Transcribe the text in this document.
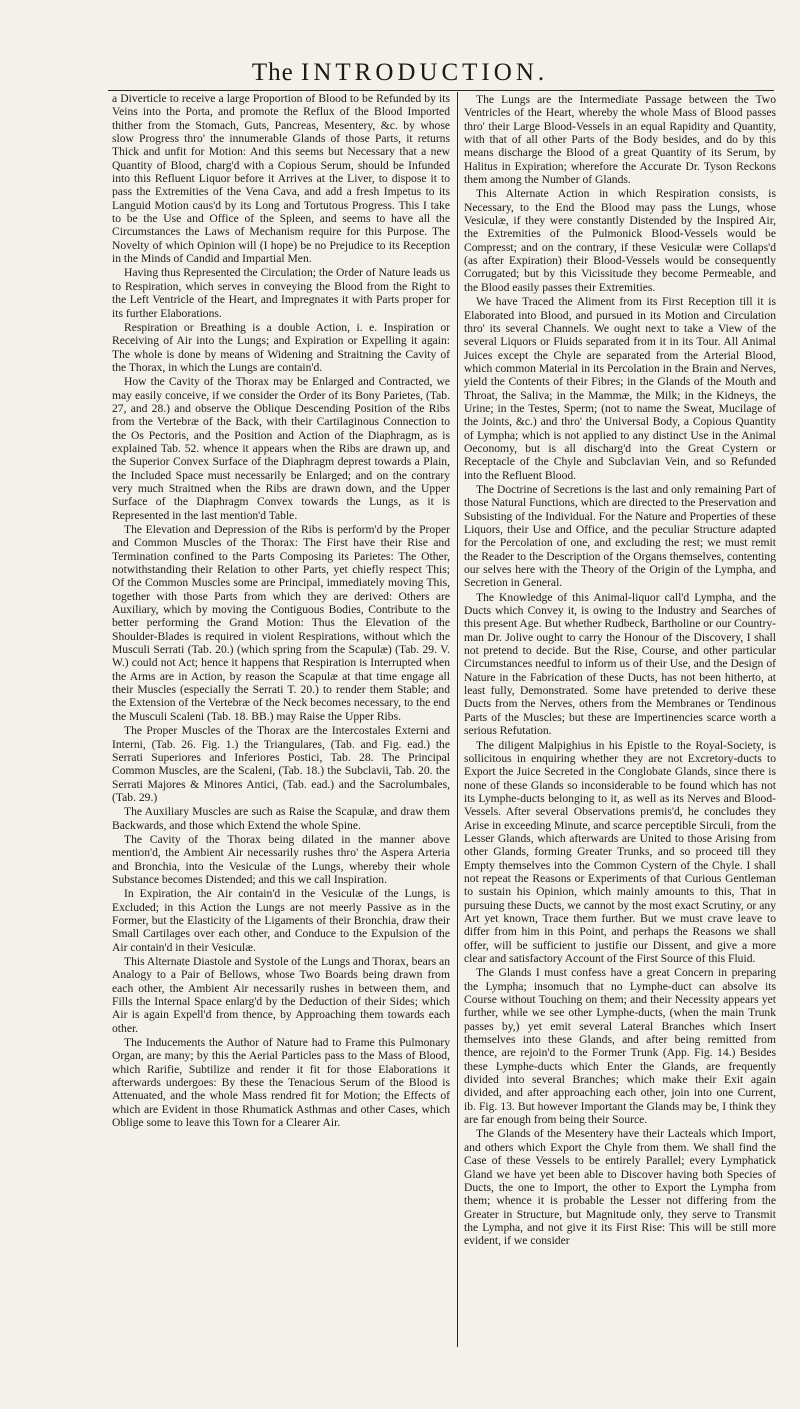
The INTRODUCTION.

a Diverticle to receive a large Proportion of Blood to be Refunded by its Veins into the Porta, and promote the Reflux of the Blood Imported thither from the Stomach, Guts, Pancreas, Mesentery, &c. by whose slow Progress thro' the innumerable Glands of those Parts, it returns Thick and unfit for Motion: And this seems but Necessary that a new Quantity of Blood, charg'd with a Copious Serum, should be Infunded into this Refluent Liquor before it Arrives at the Liver, to dispose it to pass the Extremities of the Vena Cava, and add a fresh Impetus to its Languid Motion caus'd by its Long and Tortutous Progress. This I take to be the Use and Office of the Spleen, and seems to have all the Circumstances the Laws of Mechanism require for this Purpose. The Novelty of which Opinion will (I hope) be no Prejudice to its Reception in the Minds of Candid and Impartial Men.

Having thus Represented the Circulation; the Order of Nature leads us to Respiration, which serves in conveying the Blood from the Right to the Left Ventricle of the Heart, and Impregnates it with Parts proper for its further Elaborations.

Respiration or Breathing is a double Action, i. e. Inspiration or Receiving of Air into the Lungs; and Expiration or Expelling it again: The whole is done by means of Widening and Straitning the Cavity of the Thorax, in which the Lungs are contain'd.

How the Cavity of the Thorax may be Enlarged and Contracted, we may easily conceive, if we consider the Order of its Bony Parietes, (Tab. 27, and 28.) and observe the Oblique Descending Position of the Ribs from the Vertebræ of the Back, with their Cartilaginous Connection to the Os Pectoris, and the Position and Action of the Diaphragm, as is explained Tab. 52. whence it appears when the Ribs are drawn up, and the Superior Convex Surface of the Diaphragm deprest towards a Plain, the Included Space must necessarily be Enlarged; and on the contrary very much Straitned when the Ribs are drawn down, and the Upper Surface of the Diaphragm Convex towards the Lungs, as it is Represented in the last mention'd Table.

The Elevation and Depression of the Ribs is perform'd by the Proper and Common Muscles of the Thorax: The First have their Rise and Termination confined to the Parts Composing its Parietes: The Other, notwithstanding their Relation to other Parts, yet chiefly respect This; Of the Common Muscles some are Principal, immediately moving This, together with those Parts from which they are derived: Others are Auxiliary, which by moving the Contiguous Bodies, Contribute to the better performing the Grand Motion: Thus the Elevation of the Shoulder-Blades is required in violent Respirations, without which the Musculi Serrati (Tab. 20.) (which spring from the Scapulæ) (Tab. 29. V. W.) could not Act; hence it happens that Respiration is Interrupted when the Arms are in Action, by reason the Scapulæ at that time engage all their Muscles (especially the Serrati T. 20.) to render them Stable; and the Extension of the Vertebræ of the Neck becomes necessary, to the end the Musculi Scaleni (Tab. 18. BB.) may Raise the Upper Ribs.

The Proper Muscles of the Thorax are the Intercostales Externi and Interni, (Tab. 26. Fig. 1.) the Triangulares, (Tab. and Fig. ead.) the Serrati Superiores and Inferiores Postici, Tab. 28. The Principal Common Muscles, are the Scaleni, (Tab. 18.) the Subclavii, Tab. 20. the Serrati Majores & Minores Antici, (Tab. ead.) and the Sacrolumbales, (Tab. 29.)

The Auxiliary Muscles are such as Raise the Scapulæ, and draw them Backwards, and those which Extend the whole Spine.

The Cavity of the Thorax being dilated in the manner above mention'd, the Ambient Air necessarily rushes thro' the Aspera Arteria and Bronchia, into the Vesiculæ of the Lungs, whereby their whole Substance becomes Distended; and this we call Inspiration.

In Expiration, the Air contain'd in the Vesiculæ of the Lungs, is Excluded; in this Action the Lungs are not meerly Passive as in the Former, but the Elasticity of the Ligaments of their Bronchia, draw their Small Cartilages over each other, and Conduce to the Expulsion of the Air contain'd in their Vesiculæ.

This Alternate Diastole and Systole of the Lungs and Thorax, bears an Analogy to a Pair of Bellows, whose Two Boards being drawn from each other, the Ambient Air necessarily rushes in between them, and Fills the Internal Space enlarg'd by the Deduction of their Sides; which Air is again Expell'd from thence, by Approaching them towards each other.

The Inducements the Author of Nature had to Frame this Pulmonary Organ, are many; by this the Aerial Particles pass to the Mass of Blood, which Rarifie, Subtilize and render it fit for those Elaborations it afterwards undergoes: By these the Tenacious Serum of the Blood is Attenuated, and the whole Mass rendred fit for Motion; the Effects of which are Evident in those Rhumatick Asthmas and other Cases, which Oblige some to leave this Town for a Clearer Air.

The Lungs are the Intermediate Passage between the Two Ventricles of the Heart, whereby the whole Mass of Blood passes thro' their Large Blood-Vessels in an equal Rapidity and Quantity, with that of all other Parts of the Body besides, and do by this means discharge the Blood of a great Quantity of its Serum, by Halitus in Expiration; wherefore the Accurate Dr. Tyson Reckons them among the Number of Glands.

This Alternate Action in which Respiration consists, is Necessary, to the End the Blood may pass the Lungs, whose Vesiculæ, if they were constantly Distended by the Inspired Air, the Extremities of the Pulmonick Blood-Vessels would be Compresst; and on the contrary, if these Vesiculæ were Collaps'd (as after Expiration) their Blood-Vessels would be consequently Corrugated; but by this Vicissitude they become Permeable, and the Blood easily passes their Extremities.

We have Traced the Aliment from its First Reception till it is Elaborated into Blood, and pursued in its Motion and Circulation thro' its several Channels. We ought next to take a View of the several Liquors or Fluids separated from it in its Tour. All Animal Juices except the Chyle are separated from the Arterial Blood, which common Material in its Percolation in the Brain and Nerves, yield the Contents of their Fibres; in the Glands of the Mouth and Throat, the Saliva; in the Mammæ, the Milk; in the Kidneys, the Urine; in the Testes, Sperm; (not to name the Sweat, Mucilage of the Joints, &c.) and thro' the Universal Body, a Copious Quantity of Lympha; which is not applied to any distinct Use in the Animal Oeconomy, but is all discharg'd into the Great Cystern or Receptacle of the Chyle and Subclavian Vein, and so Refunded into the Refluent Blood.

The Doctrine of Secretions is the last and only remaining Part of those Natural Functions, which are directed to the Preservation and Subsisting of the Individual. For the Nature and Properties of these Liquors, their Use and Office, and the peculiar Structure adapted for the Percolation of one, and excluding the rest; we must remit the Reader to the Description of the Organs themselves, contenting our selves here with the Theory of the Origin of the Lympha, and Secretion in General.

The Knowledge of this Animal-liquor call'd Lympha, and the Ducts which Convey it, is owing to the Industry and Searches of this present Age. But whether Rudbeck, Bartholine or our Country-man Dr. Jolive ought to carry the Honour of the Discovery, I shall not pretend to decide. But the Rise, Course, and other particular Circumstances needful to inform us of their Use, and the Design of Nature in the Fabrication of these Ducts, has not been hitherto, at least fully, Demonstrated. Some have pretended to derive these Ducts from the Nerves, others from the Membranes or Tendinous Parts of the Muscles; but these are Impertinencies scarce worth a serious Refutation.

The diligent Malpighius in his Epistle to the Royal-Society, is sollicitous in enquiring whether they are not Excretory-ducts to Export the Juice Secreted in the Conglobate Glands, since there is none of these Glands so inconsiderable to be found which has not its Lymphe-ducts belonging to it, as well as its Nerves and Blood-Vessels. After several Observations premis'd, he concludes they Arise in exceeding Minute, and scarce perceptible Sirculi, from the Lesser Glands, which afterwards are United to those Arising from other Glands, forming Greater Trunks, and so proceed till they Empty themselves into the Common Cystern of the Chyle. I shall not repeat the Reasons or Experiments of that Curious Gentleman to sustain his Opinion, which mainly amounts to this, That in pursuing these Ducts, we cannot by the most exact Scrutiny, or any Art yet known, Trace them further. But we must crave leave to differ from him in this Point, and perhaps the Reasons we shall offer, will be sufficient to justifie our Dissent, and give a more clear and satisfactory Account of the First Source of this Fluid.

The Glands I must confess have a great Concern in preparing the Lympha; insomuch that no Lymphe-duct can absolve its Course without Touching on them; and their Necessity appears yet further, while we see other Lymphe-ducts, (when the main Trunk passes by,) yet emit several Lateral Branches which Insert themselves into these Glands, and after being remitted from thence, are rejoin'd to the Former Trunk (App. Fig. 14.) Besides these Lymphe-ducts which Enter the Glands, are frequently divided into several Branches; which make their Exit again divided, and after approaching each other, join into one Current, ib. Fig. 13. But however Important the Glands may be, I think they are far enough from being their Source.

The Glands of the Mesentery have their Lacteals which Import, and others which Export the Chyle from them. We shall find the Case of these Vessels to be entirely Parallel; every Lymphatick Gland we have yet been able to Discover having both Species of Ducts, the one to Import, the other to Export the Lympha from them; whence it is probable the Lesser not differing from the Greater in Structure, but Magnitude only, they serve to Transmit the Lympha, and not give it its First Rise: This will be still more evident, if we consider
